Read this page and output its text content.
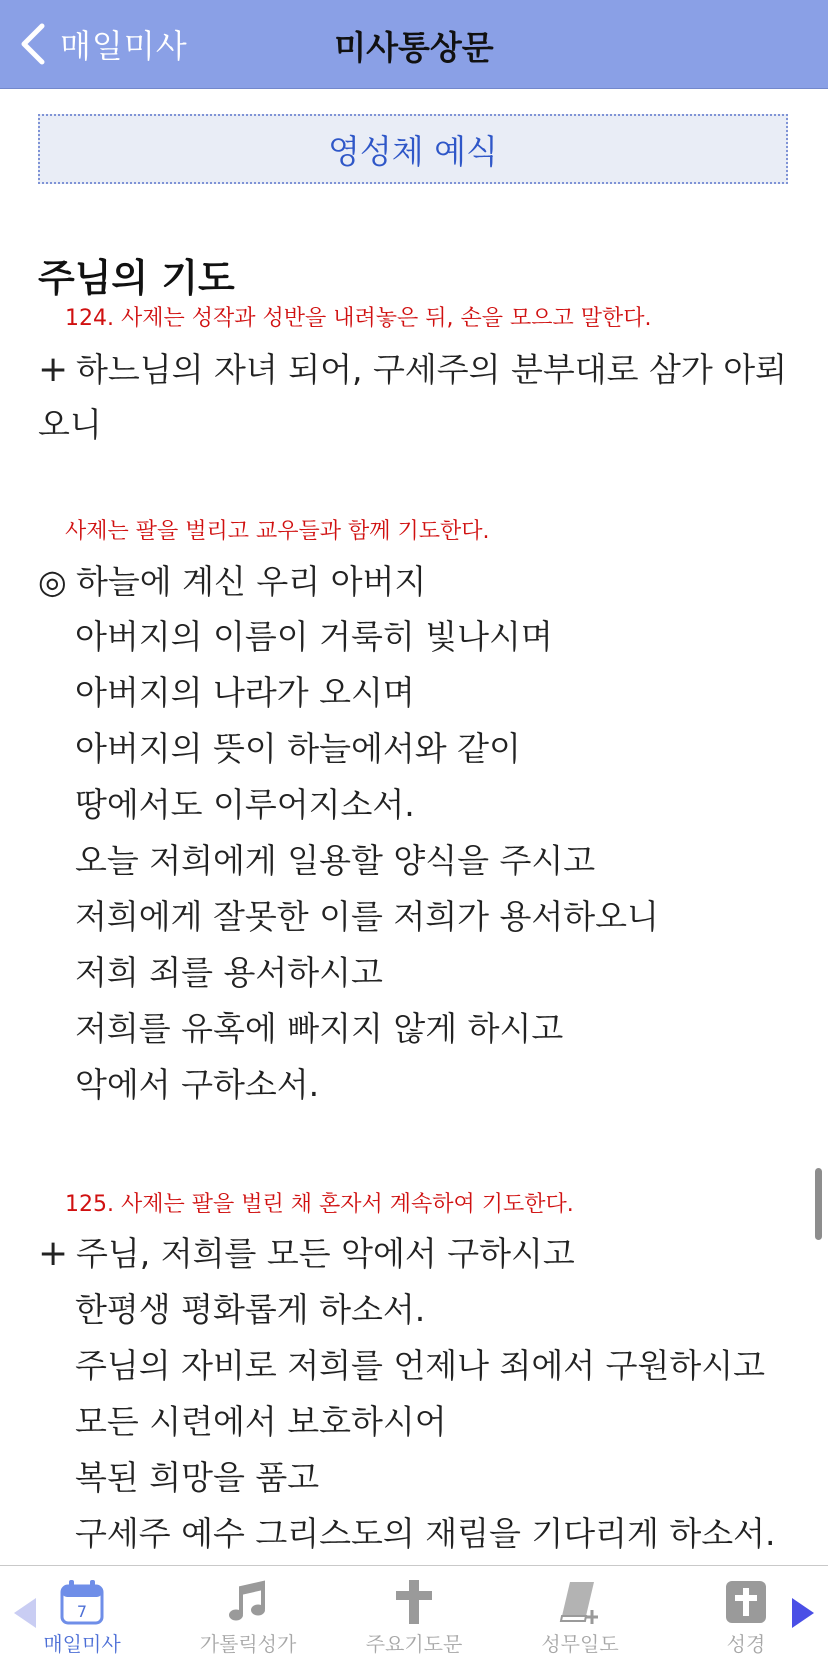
매일미사	미사통상문
영성체 예식
주님의 기도
124. 사제는 성작과 성반을 내려놓은 뒤, 손을 모으고 말한다.
+ 하느님의 자녀 되어, 구세주의 분부대로 삼가 아뢰
오니
사제는 팔을 벌리고 교우들과 함께 기도한다.
◎ 하늘에 계신 우리 아버지
아버지의 이름이 거룩히 빛나시며
아버지의 나라가 오시며
아버지의 뜻이 하늘에서와 같이
땅에서도 이루어지소서.
오늘 저희에게 일용할 양식을 주시고
저희에게 잘못한 이를 저희가 용서하오니
저희 죄를 용서하시고
저희를 유혹에 빠지지 않게 하시고
악에서 구하소서.
125. 사제는 팔을 벌린 채 혼자서 계속하여 기도한다.
+ 주님, 저희를 모든 악에서 구하시고
한평생 평화롭게 하소서.
주님의 자비로 저희를 언제나 죄에서 구원하시고
모든 시련에서 보호하시어
복된 희망을 품고
구세주 예수 그리스도의 재림을 기다리게 하소서.
7
매일미사	가톨릭성가	주요기도문	성무일도	성경
